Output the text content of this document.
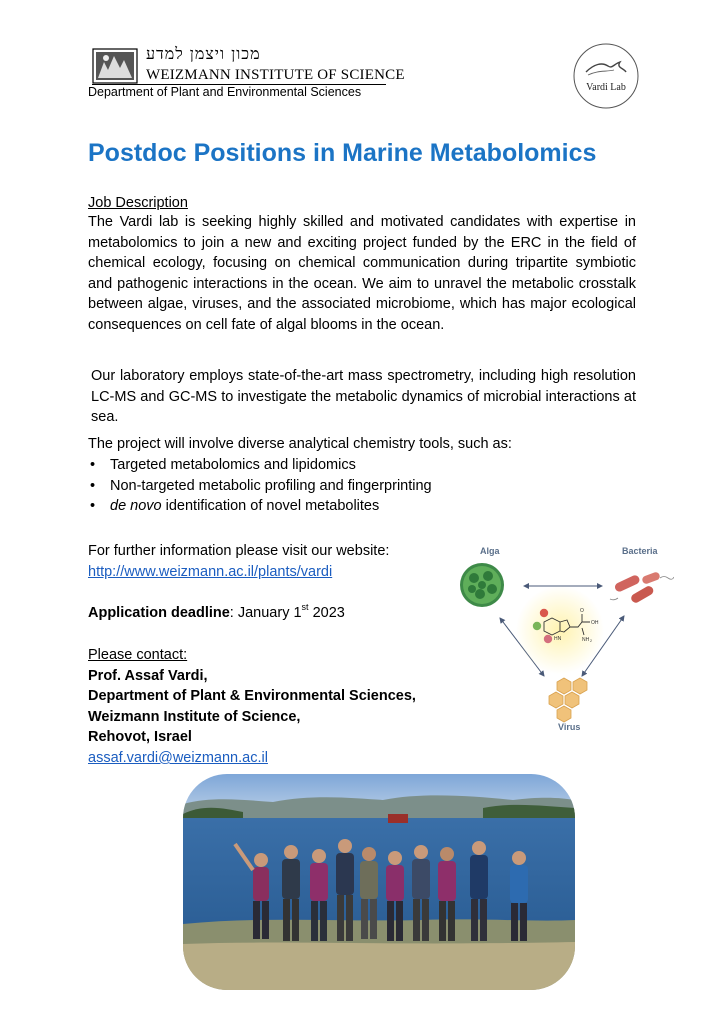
מכון ויצמן למדע
WEIZMANN INSTITUTE OF SCIENCE
Department of Plant and Environmental Sciences	Vardi Lab
Postdoc Positions in Marine Metabolomics
Job Description
The Vardi lab is seeking highly skilled and motivated candidates with expertise in metabolomics to join a new and exciting project funded by the ERC in the field of chemical ecology, focusing on chemical communication during tripartite symbiotic and pathogenic interactions in the ocean. We aim to unravel the metabolic crosstalk between algae, viruses, and the associated microbiome, which has major ecological consequences on cell fate of algal blooms in the ocean.
Our laboratory employs state-of-the-art mass spectrometry, including high resolution LC-MS and GC-MS to investigate the metabolic dynamics of microbial interactions at sea.
The project will involve diverse analytical chemistry tools, such as:
• Targeted metabolomics and lipidomics
• Non-targeted metabolic profiling and fingerprinting
• de novo identification of novel metabolites
For further information please visit our website:
http://www.weizmann.ac.il/plants/vardi
Application deadline: January 1st 2023
Please contact:
Prof. Assaf Vardi,
Department of Plant & Environmental Sciences,
Weizmann Institute of Science,
Rehovot, Israel
assaf.vardi@weizmann.ac.il
Alga	Bacteria
Virus
HN
OH
NH
O
2
